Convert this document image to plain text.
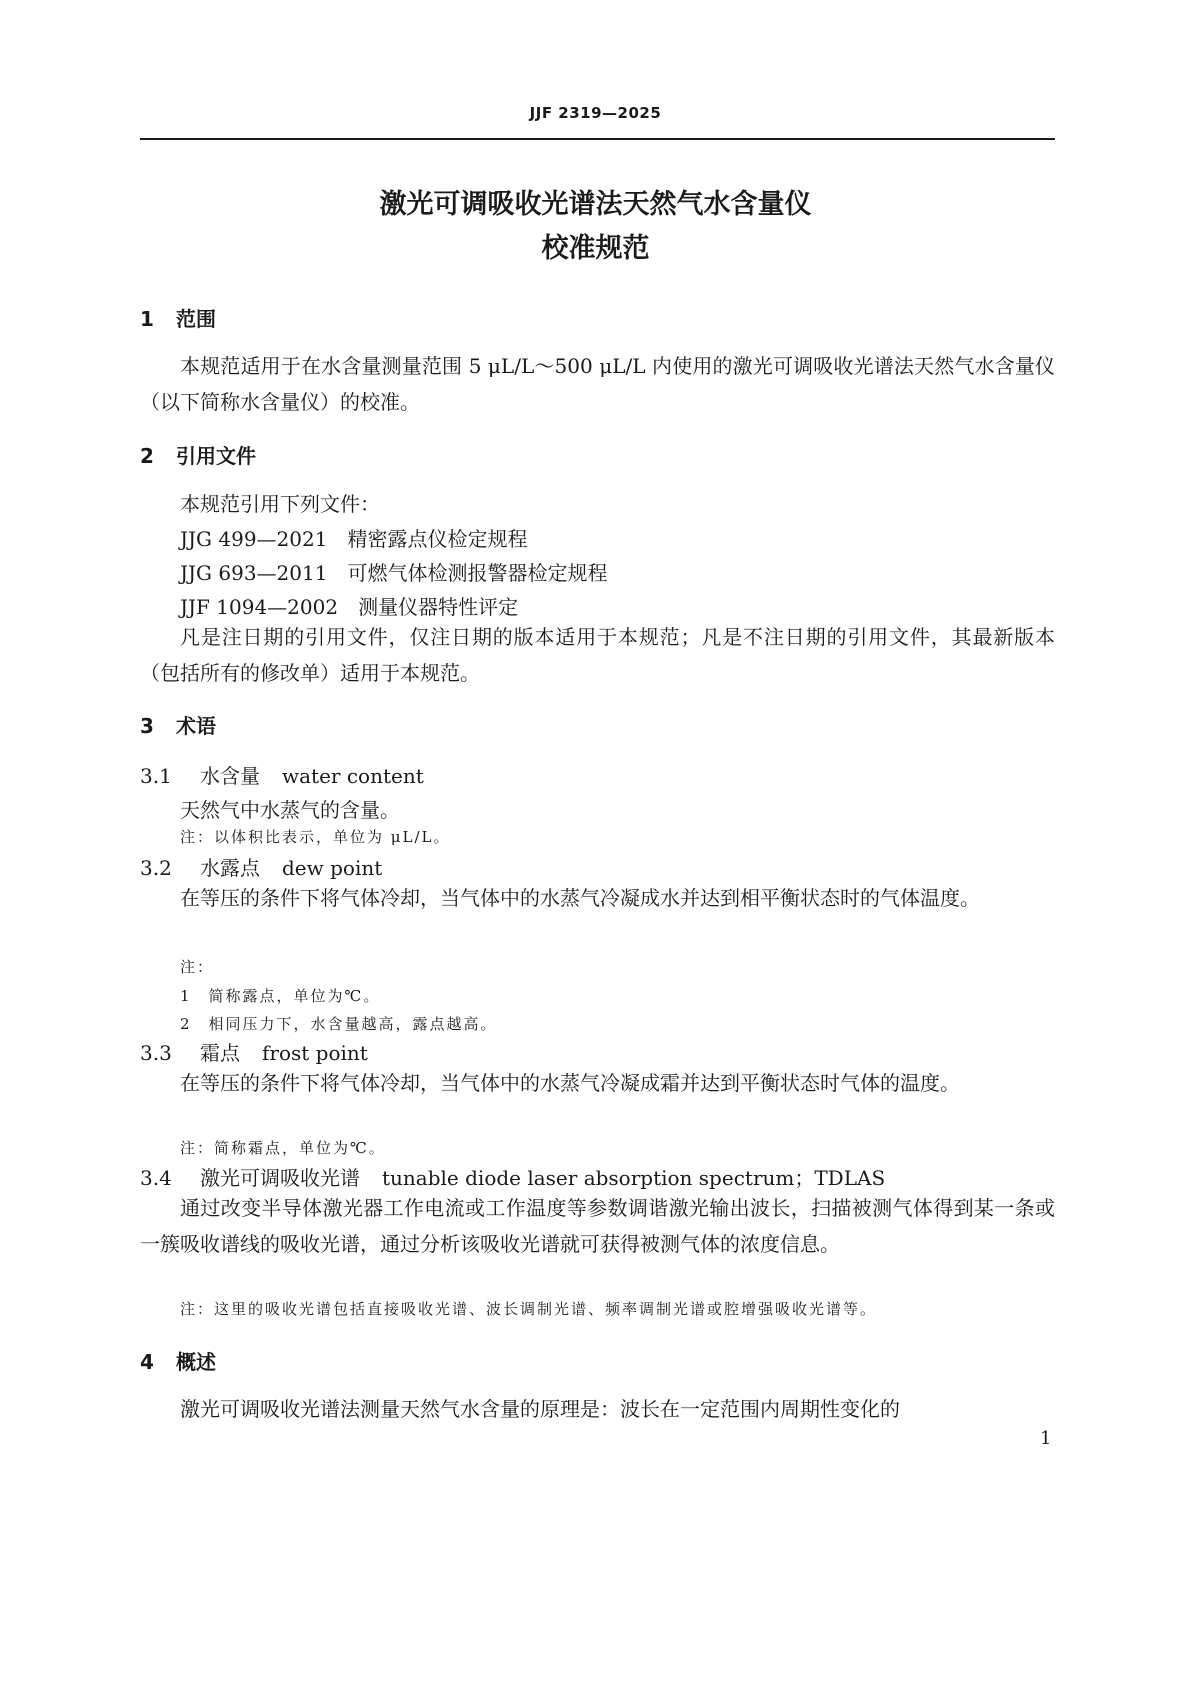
JJF 2319—2025
激光可调吸收光谱法天然气水含量仪
校准规范
1 范围
本规范适用于在水含量测量范围 5 μL/L～500 μL/L 内使用的激光可调吸收光谱法天然气水含量仪（以下简称水含量仪）的校准。
2 引用文件
本规范引用下列文件：
JJG 499—2021 精密露点仪检定规程
JJG 693—2011 可燃气体检测报警器检定规程
JJF 1094—2002 测量仪器特性评定
凡是注日期的引用文件，仅注日期的版本适用于本规范；凡是不注日期的引用文件，其最新版本（包括所有的修改单）适用于本规范。
3 术语
3.1 水含量 water content
天然气中水蒸气的含量。
注：以体积比表示，单位为 μL/L。
3.2 水露点 dew point
在等压的条件下将气体冷却，当气体中的水蒸气冷凝成水并达到相平衡状态时的气体温度。
注：
1　简称露点，单位为℃。
2　相同压力下，水含量越高，露点越高。
3.3 霜点 frost point
在等压的条件下将气体冷却，当气体中的水蒸气冷凝成霜并达到平衡状态时气体的温度。
注：简称霜点，单位为℃。
3.4 激光可调吸收光谱 tunable diode laser absorption spectrum；TDLAS
通过改变半导体激光器工作电流或工作温度等参数调谐激光输出波长，扫描被测气体得到某一条或一簇吸收谱线的吸收光谱，通过分析该吸收光谱就可获得被测气体的浓度信息。
注：这里的吸收光谱包括直接吸收光谱、波长调制光谱、频率调制光谱或腔增强吸收光谱等。
4 概述
激光可调吸收光谱法测量天然气水含量的原理是：波长在一定范围内周期性变化的
1
